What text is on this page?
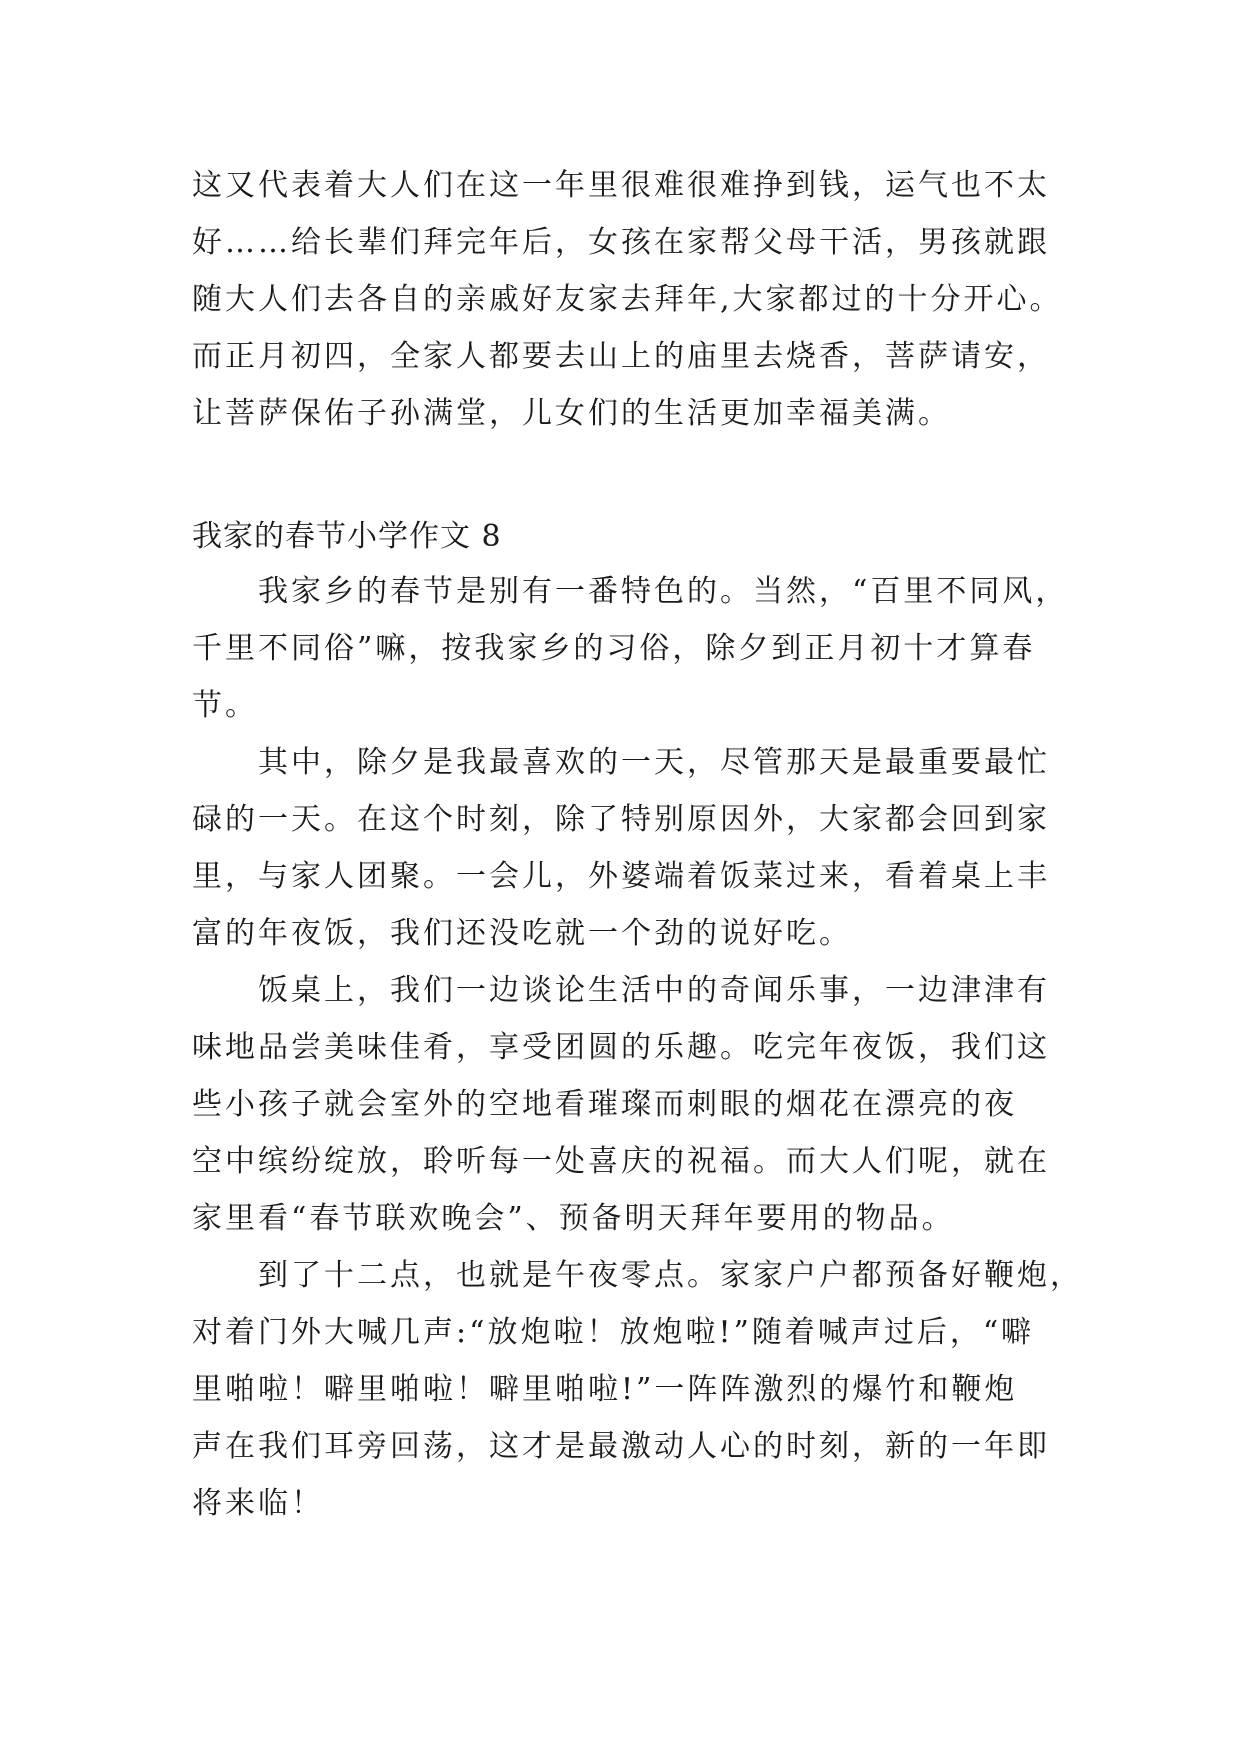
这又代表着大人们在这一年里很难很难挣到钱，运气也不太
好……给长辈们拜完年后，女孩在家帮父母干活，男孩就跟
随大人们去各自的亲戚好友家去拜年,大家都过的十分开心。
而正月初四，全家人都要去山上的庙里去烧香，菩萨请安，
让菩萨保佑子孙满堂，儿女们的生活更加幸福美满。
我家的春节小学作文 8
我家乡的春节是别有一番特色的。当然，“百里不同风，
千里不同俗”嘛，按我家乡的习俗，除夕到正月初十才算春
节。
其中，除夕是我最喜欢的一天，尽管那天是最重要最忙
碌的一天。在这个时刻，除了特别原因外，大家都会回到家
里，与家人团聚。一会儿，外婆端着饭菜过来，看着桌上丰
富的年夜饭，我们还没吃就一个劲的说好吃。
饭桌上，我们一边谈论生活中的奇闻乐事，一边津津有
味地品尝美味佳肴，享受团圆的乐趣。吃完年夜饭，我们这
些小孩子就会室外的空地看璀璨而刺眼的烟花在漂亮的夜
空中缤纷绽放，聆听每一处喜庆的祝福。而大人们呢，就在
家里看“春节联欢晚会”、预备明天拜年要用的物品。
到了十二点，也就是午夜零点。家家户户都预备好鞭炮，
对着门外大喊几声:“放炮啦！放炮啦!”随着喊声过后，“噼
里啪啦！噼里啪啦！噼里啪啦!”一阵阵激烈的爆竹和鞭炮
声在我们耳旁回荡，这才是最激动人心的时刻，新的一年即
将来临！
